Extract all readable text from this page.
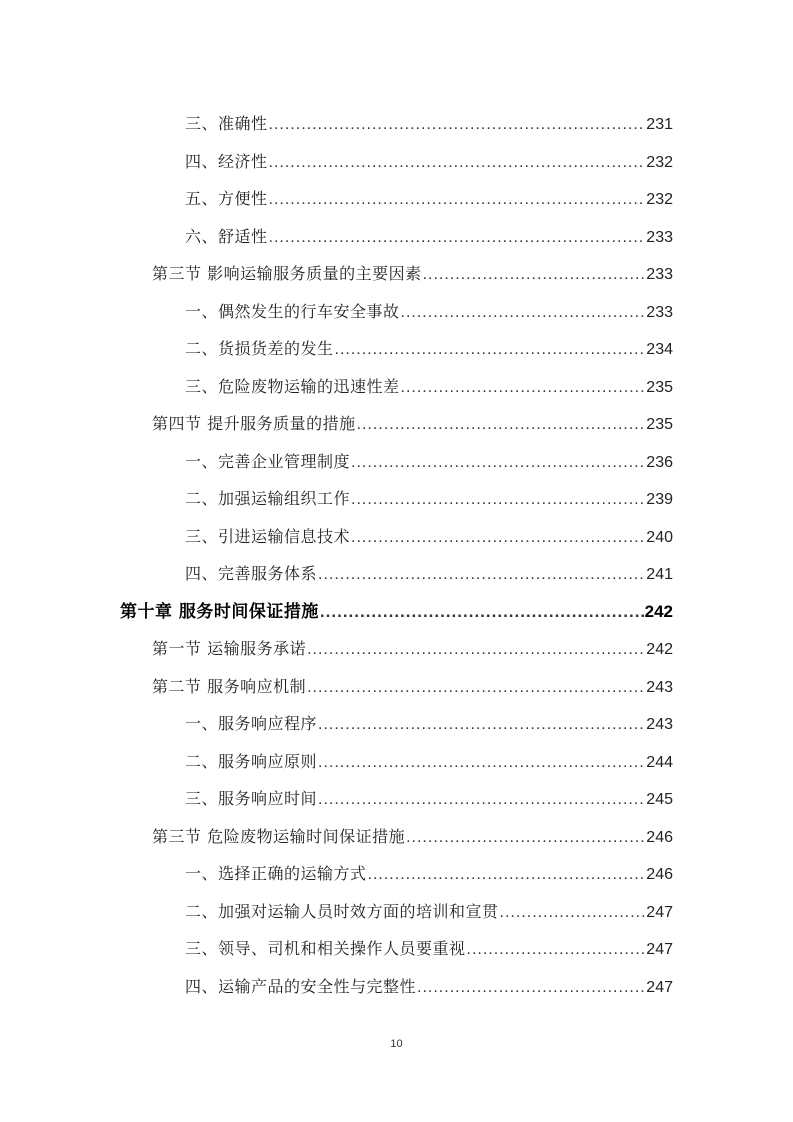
三、准确性 .....	231
四、经济性 .....	232
五、方便性 .....	232
六、舒适性 .....	233
第三节 影响运输服务质量的主要因素 .....	233
一、偶然发生的行车安全事故 .....	233
二、货损货差的发生 .....	234
三、危险废物运输的迅速性差 .....	235
第四节 提升服务质量的措施 .....	235
一、完善企业管理制度 .....	236
二、加强运输组织工作 .....	239
三、引进运输信息技术 .....	240
四、完善服务体系 .....	241
第十章 服务时间保证措施 .....	242
第一节 运输服务承诺 .....	242
第二节 服务响应机制 .....	243
一、服务响应程序 .....	243
二、服务响应原则 .....	244
三、服务响应时间 .....	245
第三节 危险废物运输时间保证措施 .....	246
一、选择正确的运输方式 .....	246
二、加强对运输人员时效方面的培训和宣贯 .....	247
三、领导、司机和相关操作人员要重视 .....	247
四、运输产品的安全性与完整性 .....	247
10
